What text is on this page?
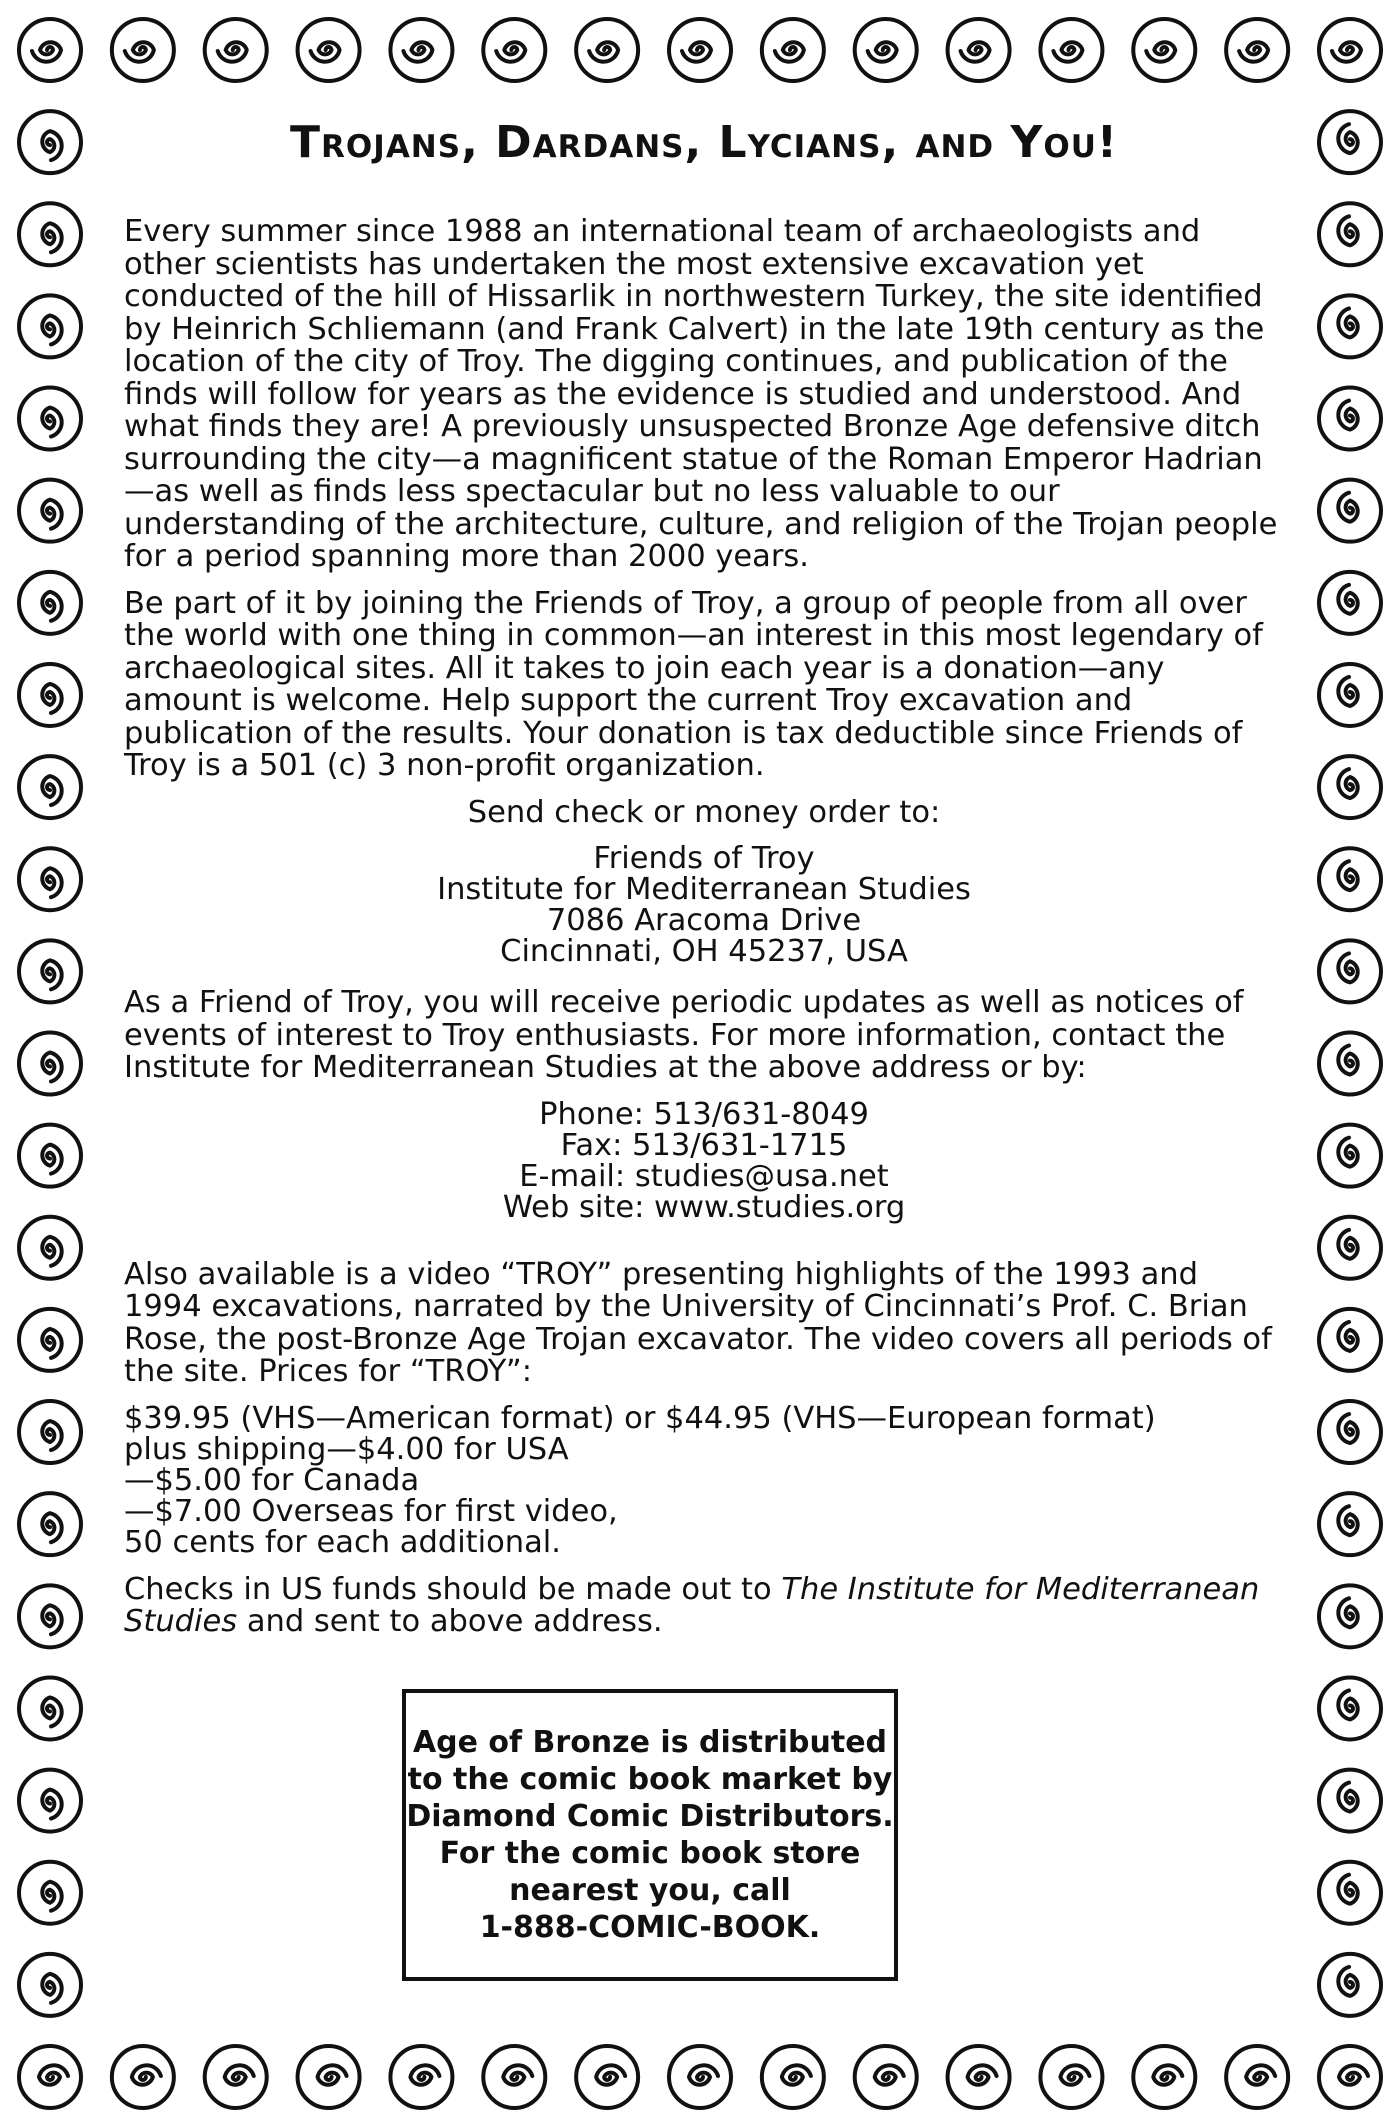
Trojans, Dardans, Lycians, and You!

Every summer since 1988 an international team of archaeologists and other scientists has undertaken the most extensive excavation yet conducted of the hill of Hissarlik in northwestern Turkey, the site identified by Heinrich Schliemann (and Frank Calvert) in the late 19th century as the location of the city of Troy. The digging continues, and publication of the finds will follow for years as the evidence is studied and understood. And what finds they are! A previously unsuspected Bronze Age defensive ditch surrounding the city—a magnificent statue of the Roman Emperor Hadrian—as well as finds less spectacular but no less valuable to our understanding of the architecture, culture, and religion of the Trojan people for a period spanning more than 2000 years.

Be part of it by joining the Friends of Troy, a group of people from all over the world with one thing in common—an interest in this most legendary of archaeological sites. All it takes to join each year is a donation—any amount is welcome. Help support the current Troy excavation and publication of the results. Your donation is tax deductible since Friends of Troy is a 501 (c) 3 non-profit organization.

Send check or money order to:

Friends of Troy
Institute for Mediterranean Studies
7086 Aracoma Drive
Cincinnati, OH 45237, USA

As a Friend of Troy, you will receive periodic updates as well as notices of events of interest to Troy enthusiasts. For more information, contact the Institute for Mediterranean Studies at the above address or by:

Phone: 513/631-8049
Fax: 513/631-1715
E-mail: studies@usa.net
Web site: www.studies.org

Also available is a video “TROY” presenting highlights of the 1993 and 1994 excavations, narrated by the University of Cincinnati’s Prof. C. Brian Rose, the post-Bronze Age Trojan excavator. The video covers all periods of the site. Prices for “TROY”:

$39.95 (VHS—American format) or $44.95 (VHS—European format)
plus shipping—$4.00 for USA
—$5.00 for Canada
—$7.00 Overseas for first video,
50 cents for each additional.

Checks in US funds should be made out to The Institute for Mediterranean Studies and sent to above address.

Age of Bronze is distributed
to the comic book market by
Diamond Comic Distributors.
For the comic book store
nearest you, call
1-888-COMIC-BOOK.
